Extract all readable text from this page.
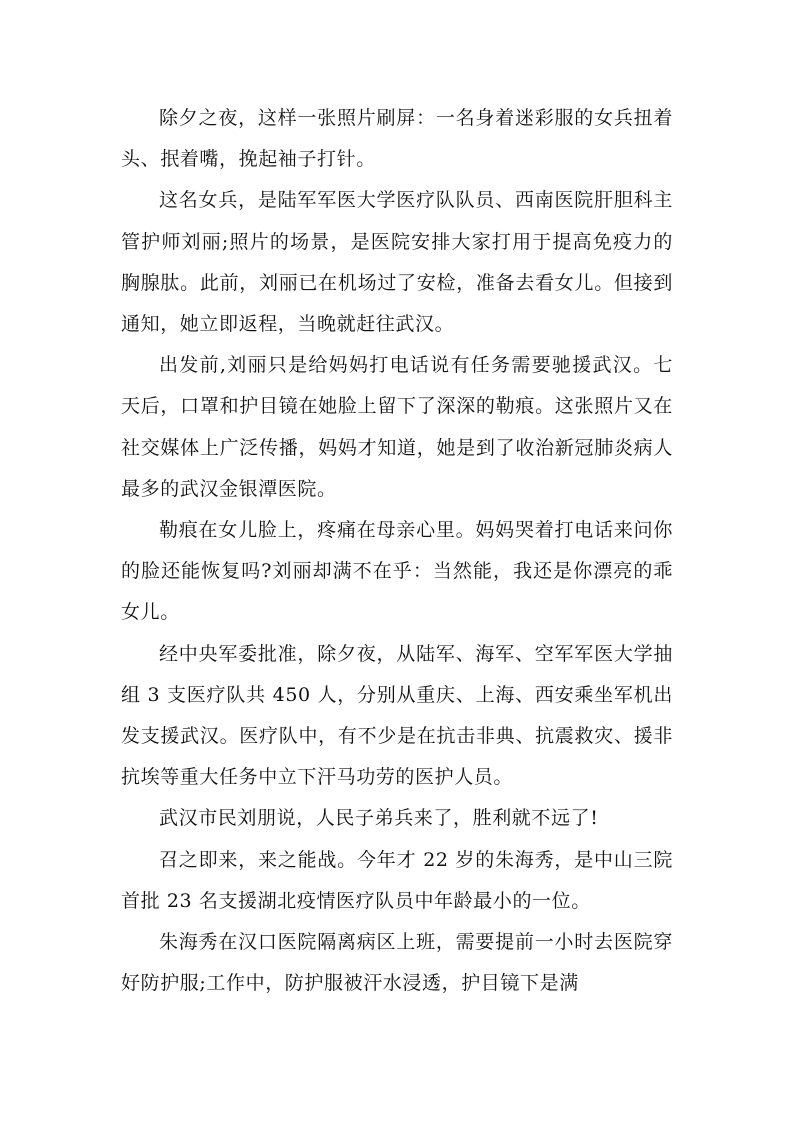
除夕之夜，这样一张照片刷屏：一名身着迷彩服的女兵扭着头、抿着嘴，挽起袖子打针。

这名女兵，是陆军军医大学医疗队队员、西南医院肝胆科主管护师刘丽;照片的场景，是医院安排大家打用于提高免疫力的胸腺肽。此前，刘丽已在机场过了安检，准备去看女儿。但接到通知，她立即返程，当晚就赶往武汉。

出发前,刘丽只是给妈妈打电话说有任务需要驰援武汉。七天后，口罩和护目镜在她脸上留下了深深的勒痕。这张照片又在社交媒体上广泛传播，妈妈才知道，她是到了收治新冠肺炎病人最多的武汉金银潭医院。

勒痕在女儿脸上，疼痛在母亲心里。妈妈哭着打电话来问你的脸还能恢复吗?刘丽却满不在乎：当然能，我还是你漂亮的乖女儿。

经中央军委批准，除夕夜，从陆军、海军、空军军医大学抽组 3 支医疗队共 450 人，分别从重庆、上海、西安乘坐军机出发支援武汉。医疗队中，有不少是在抗击非典、抗震救灾、援非抗埃等重大任务中立下汗马功劳的医护人员。

武汉市民刘朋说，人民子弟兵来了，胜利就不远了!

召之即来，来之能战。今年才 22 岁的朱海秀，是中山三院首批 23 名支援湖北疫情医疗队员中年龄最小的一位。

朱海秀在汉口医院隔离病区上班，需要提前一小时去医院穿好防护服;工作中，防护服被汗水浸透，护目镜下是满
